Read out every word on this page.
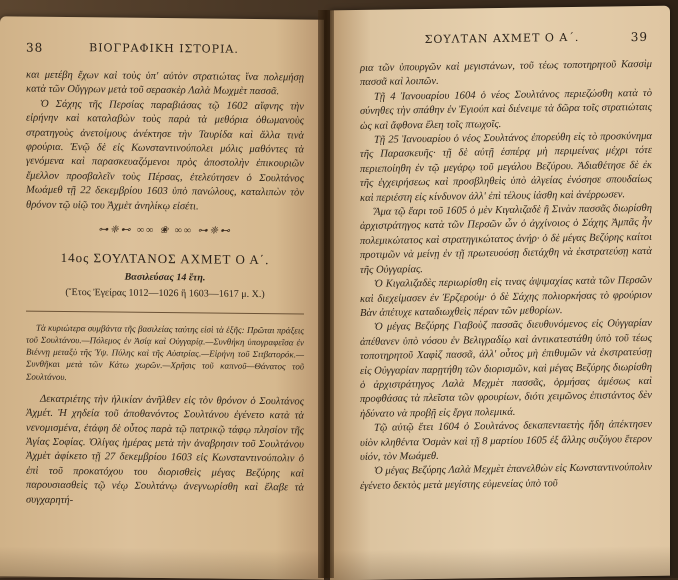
38	ΒΙΟΓΡΑΦΙΚΗ ΙΣΤΟΡΙΑ.

και μετέβη ἔχων καὶ τοὺς ὑπ' αὐτὸν στρατιώτας ἵνα πολεμήσῃ κατὰ τῶν Οὔγγρων μετὰ τοῦ σερασκὲρ Λαλὰ Μωχμὲτ πασσᾶ.

Ὁ Σάχης τῆς Περσίας παραβιάσας τῷ 1602 αἴφνης τὴν εἰρήνην καὶ καταλαβὼν τοὺς παρὰ τὰ μεθόρια ὀθωμανοὺς στρατηγοὺς ἀνετοίμους ἀνέκτησε τὴν Ταυρίδα καὶ ἄλλα τινὰ φρούρια. Ἐνῷ δὲ εἰς Κωνσταντινούπολει μόλις μαθόντες τὰ γενόμενα καὶ παρασκευαζόμενοι πρὸς ἀποστολὴν ἐπικουριῶν ἔμελλον προσβαλεῖν τοὺς Πέρσας, ἐτελεύτησεν ὁ Σουλτάνος Μωάμεθ τῇ 22 δεκεμβρίου 1603 ὑπὸ πανώλους, καταλιπὼν τὸν θρόνον τῷ υἱῷ του Ἀχμὲτ ἀνηλίκῳ εἰσέτι.

⊶❈⊷ ∞∞ ❀ ∞∞ ⊶❈⊷
14ος ΣΟΥΛΤΑΝΟΣ ΑΧΜΕΤ Ο Α΄.
Βασιλεύσας 14 ἔτη.
(Ἔτος Ἐγείρας 1012—1026 ἢ 1603—1617 μ. Χ.)

Τὰ κυριώτερα συμβάντα τῆς βασιλείας ταύτης εἰσὶ τὰ ἑξῆς: Πρῶται πράξεις τοῦ Σουλτάνου.—Πόλεμος ἐν Ἀσίᾳ καὶ Οὐγγαρίᾳ.—Συνθήκη ὑπογραφεῖσα ἐν Βιέννῃ μεταξὺ τῆς Ὑψ. Πύλης καὶ τῆς Αὐστρίας.—Εἰρήνη τοῦ Σιτβατορόκ.—Συνθῆκαι μετὰ τῶν Κάτω χωρῶν.—Χρῆσις τοῦ καπνοῦ—Θάνατος τοῦ Σουλτάνου.

Δεκατριέτης τὴν ἡλικίαν ἀνῆλθεν εἰς τὸν θρόνον ὁ Σουλτάνος Ἀχμέτ. Ἡ χηδεία τοῦ ἀποθανόντος Σουλτάνου ἐγένετο κατὰ τὰ νενομισμένα, ἐτάφη δὲ οὗτος παρὰ τῷ πατρικῷ τάφῳ πλησίον τῆς Ἁγίας Σοφίας. Ὀλίγας ἡμέρας μετὰ τὴν ἀναβρησιν τοῦ Σουλτάνου Ἀχμὲτ ἀφίκετο τῇ 27 δεκεμβρίου 1603 εἰς Κωνσταντινούπολιν ὁ ἐπὶ τοῦ προκατόχου του διορισθεὶς μέγας Βεζύρης καὶ παρουσιασθεὶς τῷ νέῳ Σουλτάνῳ ἀνεγνωρίσθη καὶ ἔλαβε τὰ συγχαρητή-

ΣΟΥΛΤΑΝ ΑΧΜΕΤ Ο Α΄.	39

ρια τῶν ὑπουργῶν καὶ μεγιστάνων, τοῦ τέως τοποτηρητοῦ Κασσὶμ πασσᾶ καὶ λοιπῶν.

Τῇ 4 Ἰανουαρίου 1604 ὁ νέος Σουλτάνος περιεζώσθη κατὰ τὸ σύνηθες τὴν σπάθην ἐν Ἐγιούπ καὶ διένειμε τὰ δῶρα τοῖς στρατιώταις ὡς καὶ ἄφθονα ἔλεη τοῖς πτωχοῖς.

Τῇ 25 Ἰανουαρίου ὁ νέος Σουλτάνος ἐπορεύθη εἰς τὸ προσκύνημα τῆς Παρασκευῆς· τῇ δὲ αὐτῇ ἑσπέρᾳ μὴ περιμείνας μέχρι τότε περιεποίηθη ἐν τῷ μεγάρῳ τοῦ μεγάλου Βεζύρου. Ἀδιαθέτησε δὲ ἐκ τῆς ἐγχειρήσεως καὶ προσβληθεὶς ὑπὸ ἀλγείας ἐνόσησε σπουδαίως καὶ περιέστη εἰς κίνδυνον ἀλλ' ἐπὶ τέλους ἰάσθη καὶ ἀνέρρωσεν.

Ἅμα τῷ ἔαρι τοῦ 1605 ὁ μὲν Κιγαλιζαδὲ ἢ Σινὰν πασσᾶς διωρίσθη ἀρχιστράτηγος κατὰ τῶν Περσῶν ὧν ὁ ἀγχίνοιος ὁ Σάχης Ἀμπᾶς ἦν πολεμικώτατος καὶ στρατηγικώτατος ἀνήρ· ὁ δὲ μέγας Βεζύρης καίτοι προτιμῶν νὰ μείνῃ ἐν τῇ πρωτευούσῃ διετάχθη νὰ ἐκστρατεύσῃ κατὰ τῆς Οὐγγαρίας.

Ὁ Κιγαλιζαδὲς περιωρίσθη εἰς τινας ἀψιμαχίας κατὰ τῶν Περσῶν καὶ διεχείμασεν ἐν Ἐρζερούμ· ὁ δὲ Σάχης πολιορκήσας τὸ φρούριον Βὰν ἀπέτυχε καταδιωχθεὶς πέραν τῶν μεθορίων.

Ὁ μέγας Βεζύρης Γιαβοὺζ πασσᾶς διευθυνόμενος εἰς Οὐγγαρίαν ἀπέθανεν ὑπὸ νόσου ἐν Βελιγραδίῳ καὶ ἀντικατεστάθη ὑπὸ τοῦ τέως τοποτηρητοῦ Χαφὶζ πασσᾶ, ἀλλ' οὗτος μὴ ἐπιθυμῶν νὰ ἐκστρατεύσῃ εἰς Οὐγγαρίαν παρῃτήθη τῶν διορισμῶν, καὶ μέγας Βεζύρης διωρίσθη ὁ ἀρχιστράτηγος Λαλὰ Μεχμὲτ πασσᾶς, ὁρμήσας ἀμέσως καὶ προφθάσας τὰ πλεῖστα τῶν φρουρίων, διότι χειμῶνος ἐπιστάντος δὲν ἠδύνατο νὰ προβῇ εἰς ἔργα πολεμικά.

Τῷ αὐτῷ ἔτει 1604 ὁ Σουλτάνος δεκαπενταετὴς ἤδη ἀπέκτησεν υἱὸν κληθέντα Ὀσμὰν καὶ τῇ 8 μαρτίου 1605 ἐξ ἄλλης συζύγου ἕτερον υἱόν, τὸν Μωάμεθ.

Ὁ μέγας Βεζύρης Λαλὰ Μεχμὲτ ἐπανελθὼν εἰς Κωνσταντινούπολιν ἐγένετο δεκτὸς μετὰ μεγίστης εὐμενείας ὑπὸ τοῦ
